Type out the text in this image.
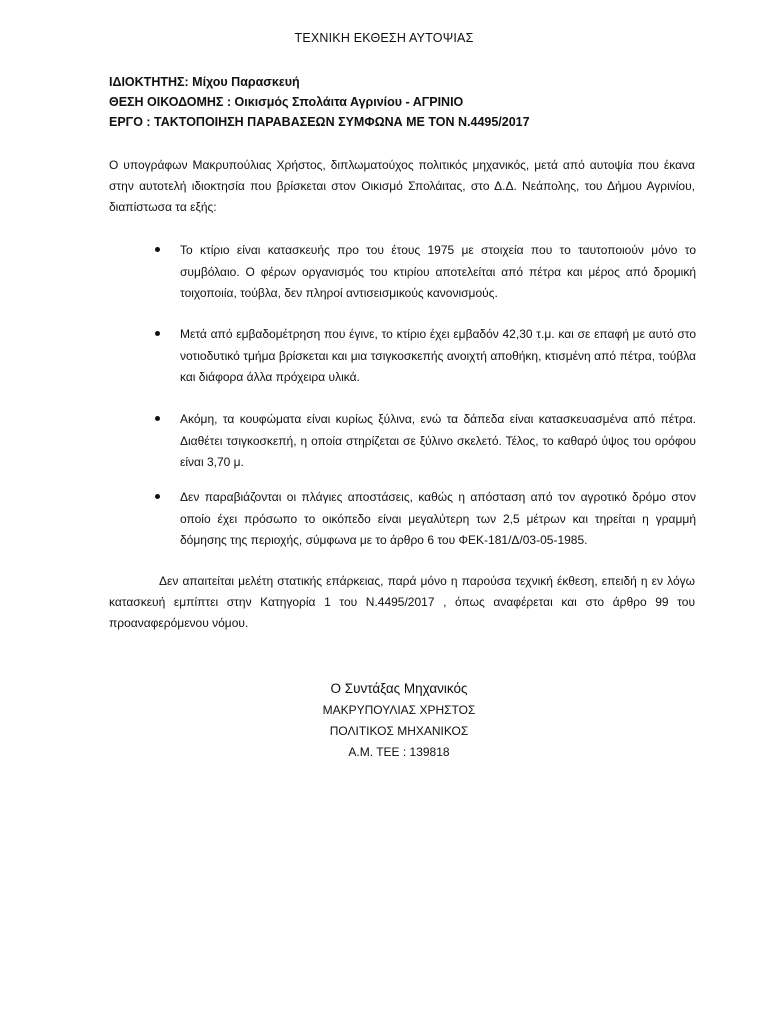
ΤΕΧΝΙΚΗ ΕΚΘΕΣΗ ΑΥΤΟΨΙΑΣ
ΙΔΙΟΚΤΗΤΗΣ: Μίχου Παρασκευή
ΘΕΣΗ ΟΙΚΟΔΟΜΗΣ : Οικισμός Σπολάιτα Αγρινίου - ΑΓΡΙΝΙΟ
ΕΡΓΟ : ΤΑΚΤΟΠΟΙΗΣΗ ΠΑΡΑΒΑΣΕΩΝ ΣΥΜΦΩΝΑ ΜΕ ΤΟΝ Ν.4495/2017
Ο υπογράφων Μακρυπούλιας Χρήστος, διπλωματούχος πολιτικός μηχανικός, μετά από αυτοψία που έκανα στην αυτοτελή ιδιοκτησία που βρίσκεται στον Οικισμό Σπολάιτας, στο Δ.Δ. Νεάπολης, του Δήμου Αγρινίου, διαπίστωσα τα εξής:
Το κτίριο είναι κατασκευής προ του έτους 1975 με στοιχεία που το ταυτοποιούν μόνο το συμβόλαιο. Ο φέρων οργανισμός του κτιρίου αποτελείται από πέτρα και μέρος από δρομική τοιχοποιία, τούβλα, δεν πληροί αντισεισμικούς κανονισμούς.
Μετά από εμβαδομέτρηση που έγινε, το κτίριο έχει εμβαδόν 42,30 τ.μ. και σε επαφή με αυτό στο νοτιοδυτικό τμήμα βρίσκεται και μια τσιγκοσκεπής ανοιχτή αποθήκη, κτισμένη από πέτρα, τούβλα και διάφορα άλλα πρόχειρα υλικά.
Ακόμη, τα κουφώματα είναι κυρίως ξύλινα, ενώ τα δάπεδα είναι κατασκευασμένα από πέτρα. Διαθέτει τσιγκοσκεπή, η οποία στηρίζεται σε ξύλινο σκελετό. Τέλος, το καθαρό ύψος του ορόφου είναι 3,70 μ.
Δεν παραβιάζονται οι πλάγιες αποστάσεις, καθώς η απόσταση από τον αγροτικό δρόμο στον οποίο έχει πρόσωπο το οικόπεδο είναι μεγαλύτερη των 2,5 μέτρων και τηρείται η γραμμή δόμησης της περιοχής, σύμφωνα με το άρθρο 6 του ΦΕΚ-181/Δ/03-05-1985.
Δεν απαιτείται μελέτη στατικής επάρκειας, παρά μόνο η παρούσα τεχνική έκθεση, επειδή η εν λόγω κατασκευή εμπίπτει στην Κατηγορία 1 του Ν.4495/2017 , όπως αναφέρεται και στο άρθρο 99 του προαναφερόμενου νόμου.
Ο Συντάξας Μηχανικός
ΜΑΚΡΥΠΟΥΛΙΑΣ ΧΡΗΣΤΟΣ
ΠΟΛΙΤΙΚΟΣ ΜΗΧΑΝΙΚΟΣ
Α.Μ. ΤΕΕ : 139818
